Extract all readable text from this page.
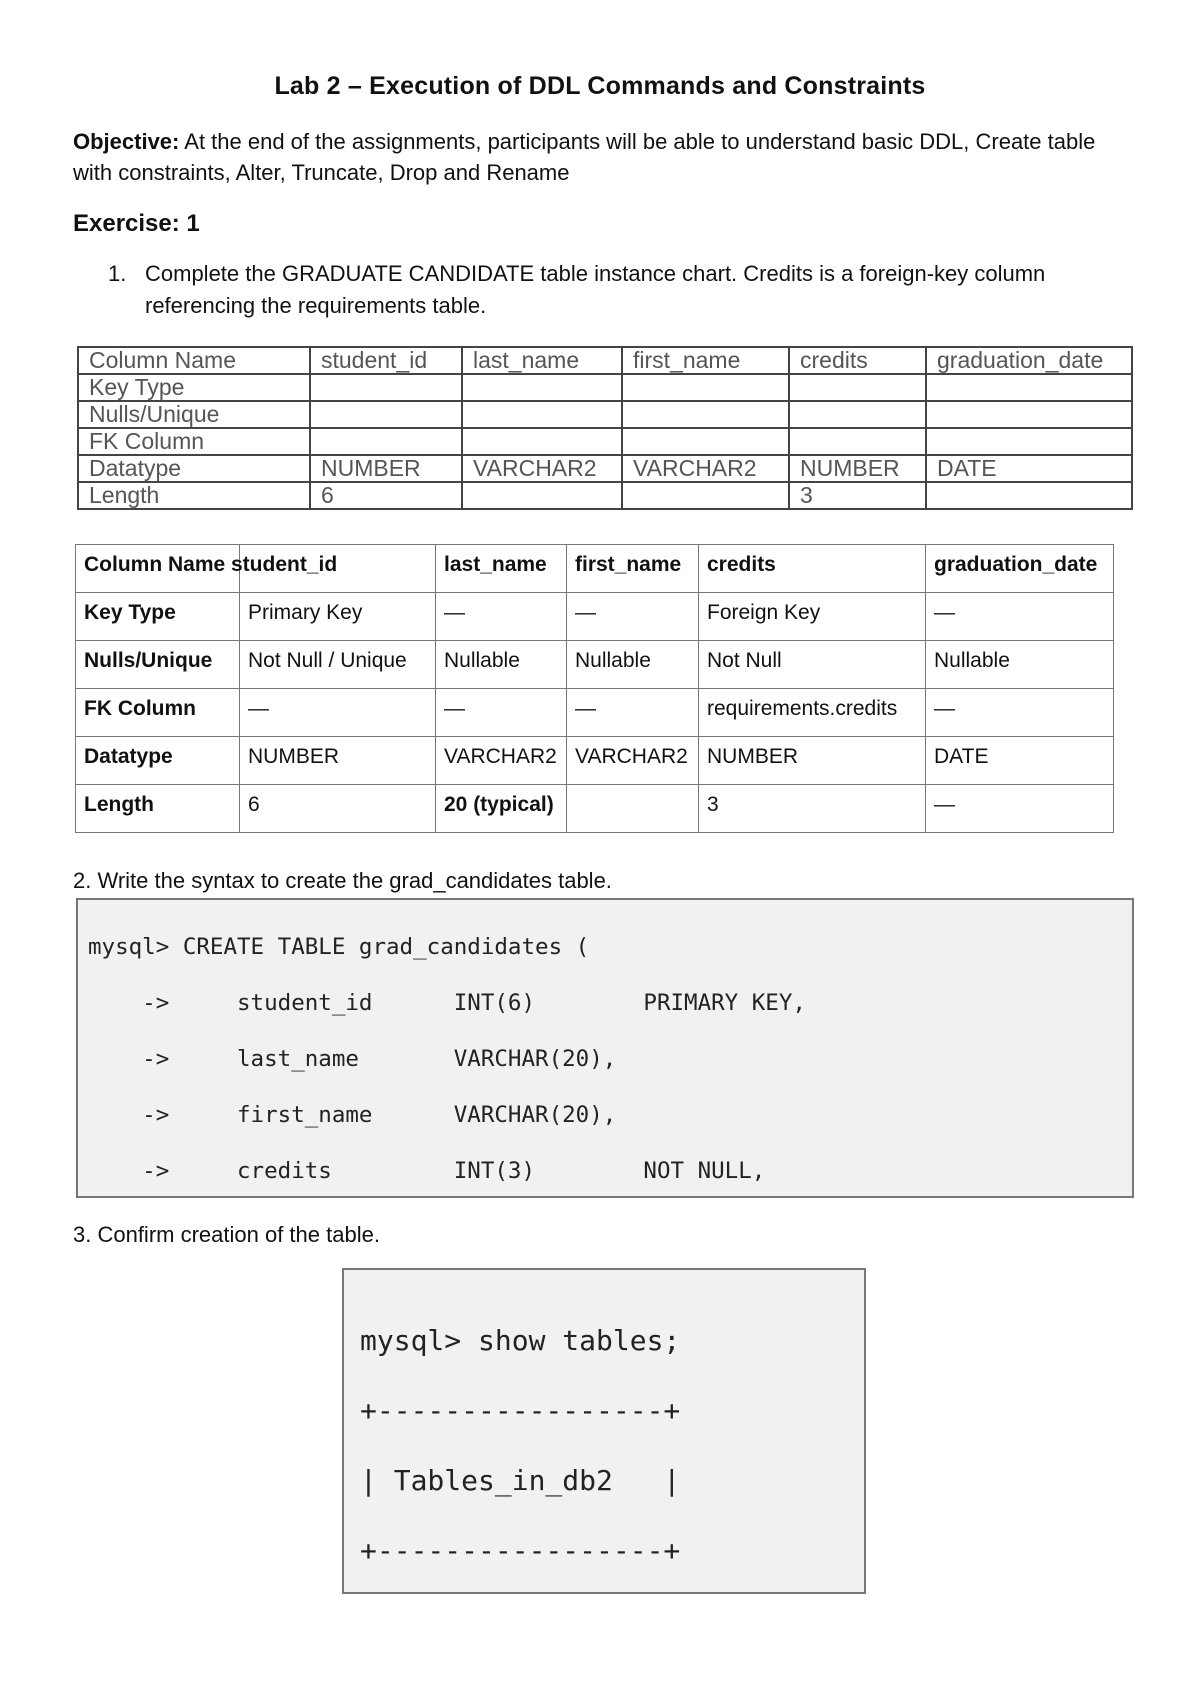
Lab 2 – Execution of DDL Commands and Constraints
Objective: At the end of the assignments, participants will be able to understand basic DDL, Create table with constraints, Alter, Truncate, Drop and Rename
Exercise: 1
1. Complete the GRADUATE CANDIDATE table instance chart. Credits is a foreign-key column referencing the requirements table.
Column Name	student_id	last_name	first_name	credits	graduation_date
Key Type					
Nulls/Unique					
FK Column					
Datatype	NUMBER	VARCHAR2	VARCHAR2	NUMBER	DATE
Length	6			3	
Column Name	student_id	last_name	first_name	credits	graduation_date
Key Type	Primary Key	—	—	Foreign Key	—
Nulls/Unique	Not Null / Unique	Nullable	Nullable	Not Null	Nullable
FK Column	—	—	—	requirements.credits	—
Datatype	NUMBER	VARCHAR2	VARCHAR2	NUMBER	DATE
Length	6	20 (typical)		3	—
2. Write the syntax to create the grad_candidates table.

mysql> CREATE TABLE grad_candidates (

->     student_id      INT(6)        PRIMARY KEY,

->     last_name       VARCHAR(20),

->     first_name      VARCHAR(20),

->     credits         INT(3)        NOT NULL,

3. Confirm creation of the table.

mysql> show tables;

+-----------------+

| Tables_in_db2   |

+-----------------+
